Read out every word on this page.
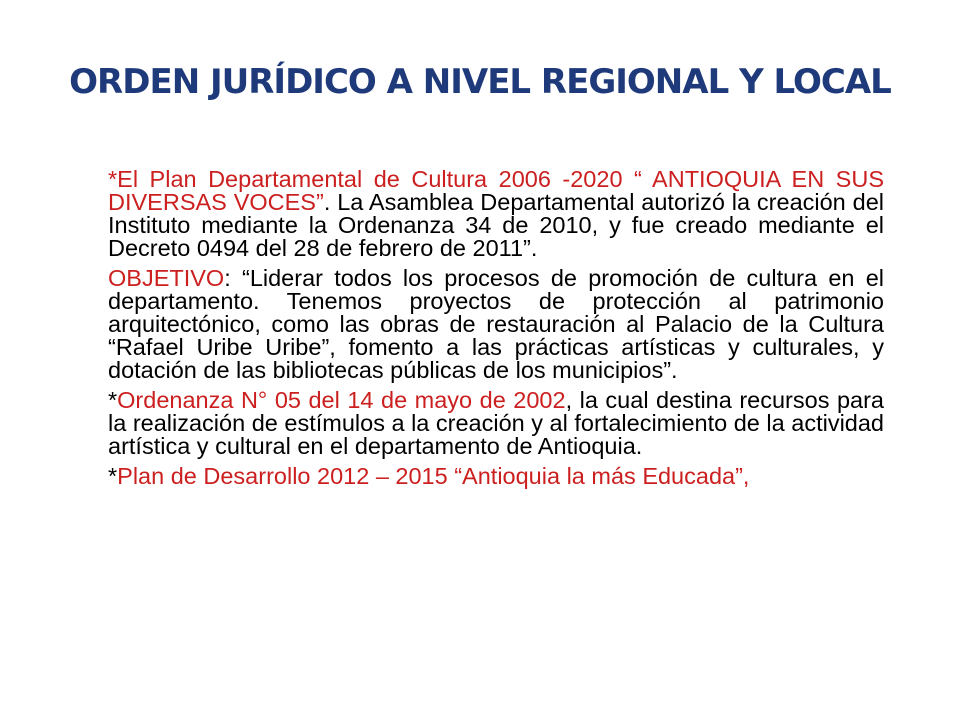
ORDEN JURÍDICO A NIVEL REGIONAL Y LOCAL

*El Plan Departamental de Cultura 2006 -2020 “ ANTIOQUIA EN SUS DIVERSAS VOCES”. La Asamblea Departamental autorizó la creación del Instituto mediante la Ordenanza 34 de 2010, y fue creado mediante el Decreto 0494 del 28 de febrero de 2011”.

OBJETIVO: “Liderar todos los procesos de promoción de cultura en el departamento. Tenemos proyectos de protección al patrimonio arquitectónico, como las obras de restauración al Palacio de la Cultura “Rafael Uribe Uribe”, fomento a las prácticas artísticas y culturales, y dotación de las bibliotecas públicas de los municipios”.

*Ordenanza N° 05 del 14 de mayo de 2002, la cual destina recursos para la realización de estímulos a la creación y al fortalecimiento de la actividad artística y cultural en el departamento de Antioquia.

*Plan de Desarrollo 2012 – 2015 “Antioquia la más Educada”,
